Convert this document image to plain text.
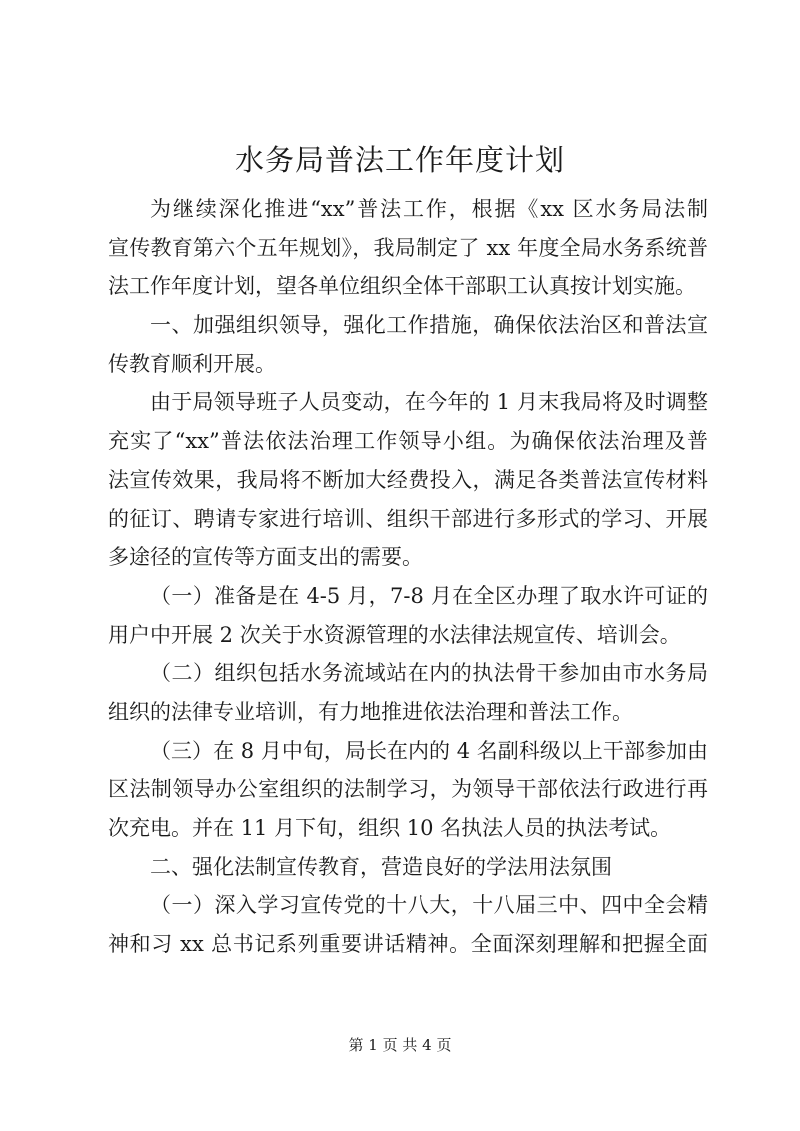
水务局普法工作年度计划
为继续深化推进“xx”普法工作，根据《xx 区水务局法制
宣传教育第六个五年规划》，我局制定了 xx 年度全局水务系统普
法工作年度计划，望各单位组织全体干部职工认真按计划实施。
一、加强组织领导，强化工作措施，确保依法治区和普法宣
传教育顺利开展。
由于局领导班子人员变动，在今年的 1 月末我局将及时调整
充实了“xx”普法依法治理工作领导小组。为确保依法治理及普
法宣传效果，我局将不断加大经费投入，满足各类普法宣传材料
的征订、聘请专家进行培训、组织干部进行多形式的学习、开展
多途径的宣传等方面支出的需要。
（一）准备是在 4-5 月，7-8 月在全区办理了取水许可证的
用户中开展 2 次关于水资源管理的水法律法规宣传、培训会。
（二）组织包括水务流域站在内的执法骨干参加由市水务局
组织的法律专业培训，有力地推进依法治理和普法工作。
（三）在 8 月中旬，局长在内的 4 名副科级以上干部参加由
区法制领导办公室组织的法制学习，为领导干部依法行政进行再
次充电。并在 11 月下旬，组织 10 名执法人员的执法考试。
二、强化法制宣传教育，营造良好的学法用法氛围
（一）深入学习宣传党的十八大，十八届三中、四中全会精
神和习 xx 总书记系列重要讲话精神。全面深刻理解和把握全面
第 1 页 共 4 页
